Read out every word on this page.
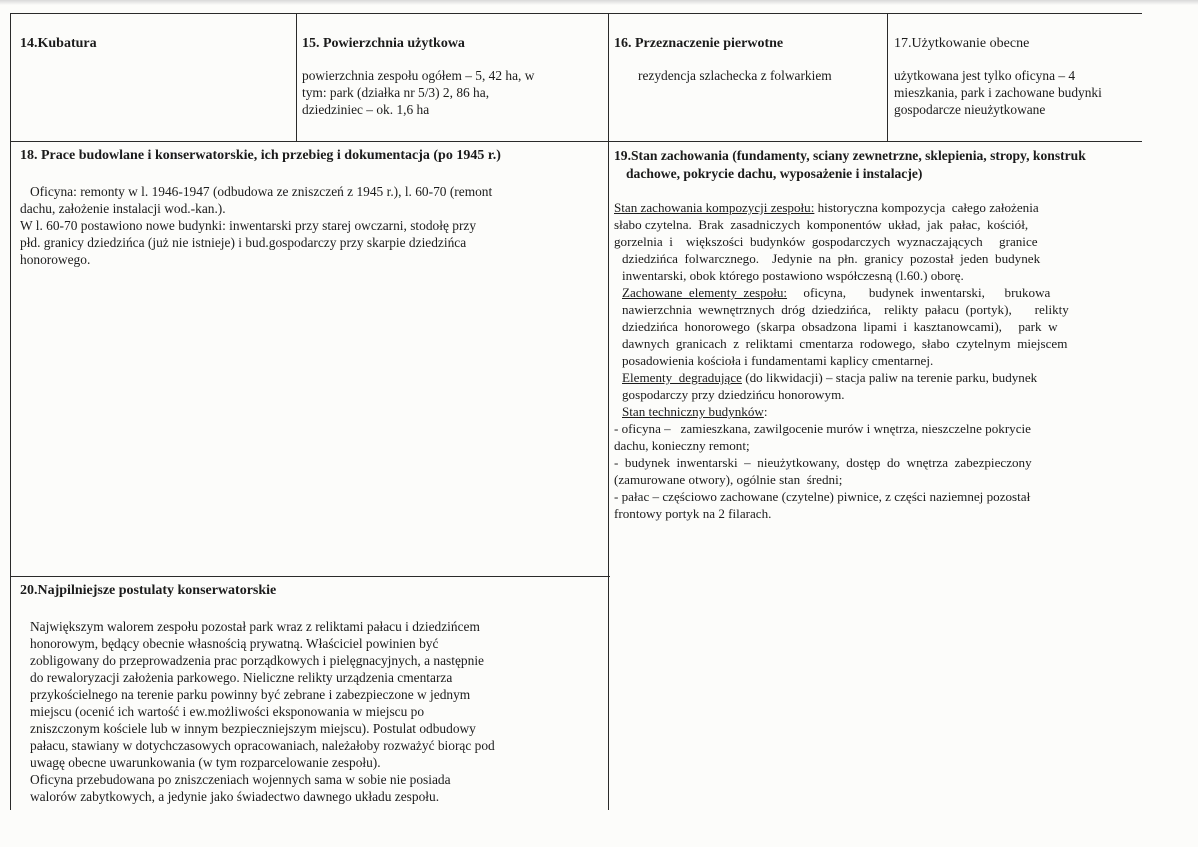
14.Kubatura	15. Powierzchnia użytkowa

powierzchnia zespołu ogółem – 5, 42 ha, w

tym: park (działka nr 5/3) 2, 86 ha,

dziedziniec – ok. 1,6 ha

16. Przeznaczenie pierwotne
rezydencja szlachecka z folwarkiem
17.Użytkowanie obecne

użytkowana jest tylko oficyna – 4

mieszkania, park i zachowane budynki

gospodarcze nieużytkowane

18. Prace budowlane i konserwatorskie, ich przebieg i dokumentacja (po 1945 r.)

Oficyna: remonty w l. 1946-1947 (odbudowa ze zniszczeń z 1945 r.), l. 60-70 (remont

dachu, założenie instalacji wod.-kan.).

W l. 60-70 postawiono nowe budynki: inwentarski przy starej owczarni, stodołę przy

płd. granicy dziedzińca (już nie istnieje) i bud.gospodarczy przy skarpie dziedzińca

honorowego.

19.Stan zachowania (fundamenty, sciany zewnetrzne, sklepienia, stropy, konstruk

dachowe, pokrycie dachu, wyposażenie i instalacje)

Stan zachowania kompozycji zespołu: historyczna kompozycja  całego założenia

słabo czytelna.  Brak  zasadniczych  komponentów  układ,  jak  pałac,  kościół,

gorzelnia  i    większości  budynków  gospodarczych  wyznaczających     granice

dziedzińca  folwarcznego.    Jedynie  na  płn.  granicy  pozostał  jeden  budynek

inwentarski, obok którego postawiono współczesną (l.60.) oborę.

Zachowane  elementy  zespołu:     oficyna,       budynek  inwentarski,      brukowa

nawierzchnia  wewnętrznych  dróg  dziedzińca,    relikty  pałacu  (portyk),       relikty

dziedzińca  honorowego  (skarpa  obsadzona  lipami  i  kasztanowcami),     park  w

dawnych  granicach  z  reliktami  cmentarza  rodowego,  słabo  czytelnym  miejscem

posadowienia kościoła i fundamentami kaplicy cmentarnej.

Elementy  degradujące (do likwidacji) – stacja paliw na terenie parku, budynek

gospodarczy przy dziedzińcu honorowym.

Stan techniczny budynków:

- oficyna –   zamieszkana, zawilgocenie murów i wnętrza, nieszczelne pokrycie

dachu, konieczny remont;

-  budynek  inwentarski  –  nieużytkowany,  dostęp  do  wnętrza  zabezpieczony

(zamurowane otwory), ogólnie stan  średni;

- pałac – częściowo zachowane (czytelne) piwnice, z części naziemnej pozostał

frontowy portyk na 2 filarach.

20.Najpilniejsze postulaty konserwatorskie

Największym walorem zespołu pozostał park wraz z reliktami pałacu i dziedzińcem

honorowym, będący obecnie własnością prywatną. Właściciel powinien być

zobligowany do przeprowadzenia prac porządkowych i pielęgnacyjnych, a następnie

do rewaloryzacji założenia parkowego. Nieliczne relikty urządzenia cmentarza

przykościelnego na terenie parku powinny być zebrane i zabezpieczone w jednym

miejscu (ocenić ich wartość i ew.możliwości eksponowania w miejscu po

zniszczonym kościele lub w innym bezpieczniejszym miejscu). Postulat odbudowy

pałacu, stawiany w dotychczasowych opracowaniach, należałoby rozważyć biorąc pod

uwagę obecne uwarunkowania (w tym rozparcelowanie zespołu).

Oficyna przebudowana po zniszczeniach wojennych sama w sobie nie posiada

walorów zabytkowych, a jedynie jako świadectwo dawnego układu zespołu.
